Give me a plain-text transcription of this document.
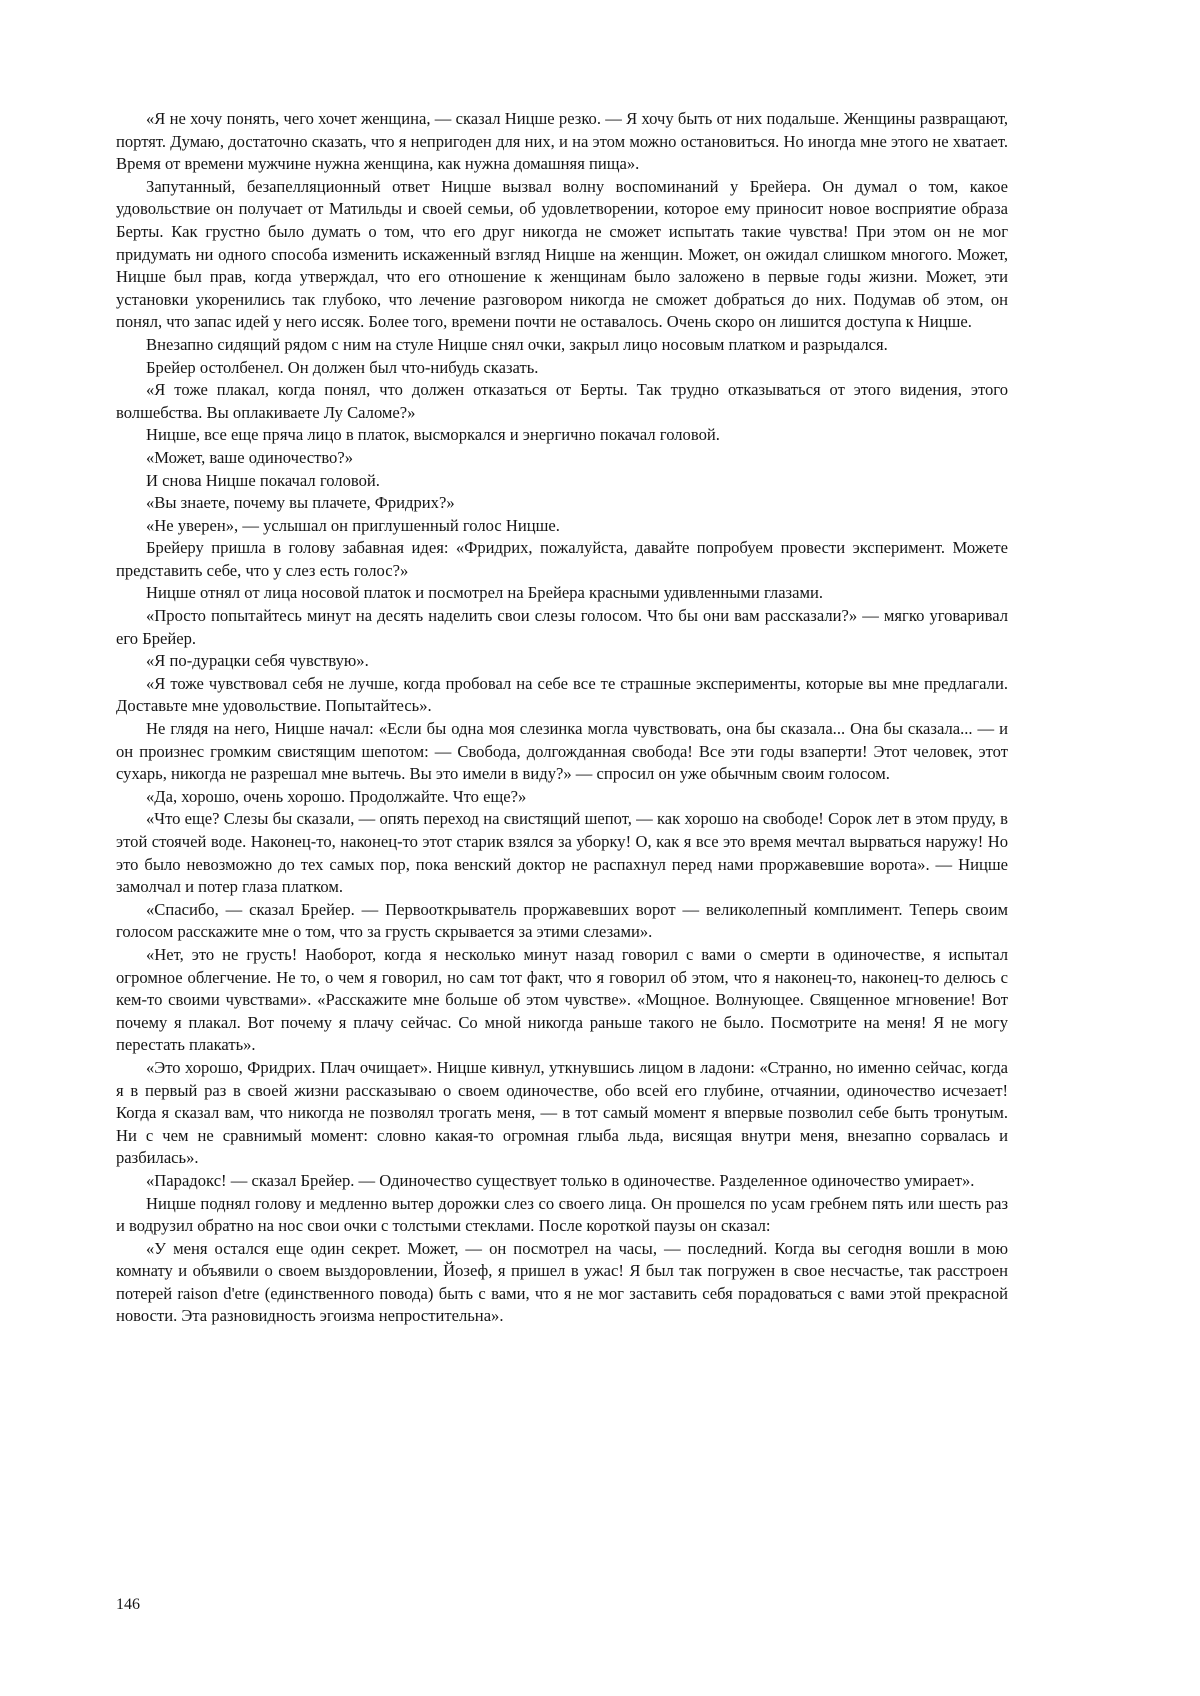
«Я не хочу понять, чего хочет женщина, — сказал Ницше резко. — Я хочу быть от них подальше. Женщины развращают, портят. Думаю, достаточно сказать, что я непригоден для них, и на этом можно остановиться. Но иногда мне этого не хватает. Время от времени мужчине нужна женщина, как нужна домашняя пища».

Запутанный, безапелляционный ответ Ницше вызвал волну воспоминаний у Брейера. Он думал о том, какое удовольствие он получает от Матильды и своей семьи, об удовлетворении, которое ему приносит новое восприятие образа Берты. Как грустно было думать о том, что его друг никогда не сможет испытать такие чувства! При этом он не мог придумать ни одного способа изменить искаженный взгляд Ницше на женщин. Может, он ожидал слишком многого. Может, Ницше был прав, когда утверждал, что его отношение к женщинам было заложено в первые годы жизни. Может, эти установки укоренились так глубоко, что лечение разговором никогда не сможет добраться до них. Подумав об этом, он понял, что запас идей у него иссяк. Более того, времени почти не оставалось. Очень скоро он лишится доступа к Ницше.

Внезапно сидящий рядом с ним на стуле Ницше снял очки, закрыл лицо носовым платком и разрыдался.

Брейер остолбенел. Он должен был что-нибудь сказать.

«Я тоже плакал, когда понял, что должен отказаться от Берты. Так трудно отказываться от этого видения, этого волшебства. Вы оплакиваете Лу Саломе?»

Ницше, все еще пряча лицо в платок, высморкался и энергично покачал головой.

«Может, ваше одиночество?»

И снова Ницше покачал головой.

«Вы знаете, почему вы плачете, Фридрих?»

«Не уверен», — услышал он приглушенный голос Ницше.

Брейеру пришла в голову забавная идея: «Фридрих, пожалуйста, давайте попробуем провести эксперимент. Можете представить себе, что у слез есть голос?»

Ницше отнял от лица носовой платок и посмотрел на Брейера красными удивленными глазами.

«Просто попытайтесь минут на десять наделить свои слезы голосом. Что бы они вам рассказали?» — мягко уговаривал его Брейер.

«Я по-дурацки себя чувствую».

«Я тоже чувствовал себя не лучше, когда пробовал на себе все те страшные эксперименты, которые вы мне предлагали. Доставьте мне удовольствие. Попытайтесь».

Не глядя на него, Ницше начал: «Если бы одна моя слезинка могла чувствовать, она бы сказала... Она бы сказала... — и он произнес громким свистящим шепотом: — Свобода, долгожданная свобода! Все эти годы взаперти! Этот человек, этот сухарь, никогда не разрешал мне вытечь. Вы это имели в виду?» — спросил он уже обычным своим голосом.

«Да, хорошо, очень хорошо. Продолжайте. Что еще?»

«Что еще? Слезы бы сказали, — опять переход на свистящий шепот, — как хорошо на свободе! Сорок лет в этом пруду, в этой стоячей воде. Наконец-то, наконец-то этот старик взялся за уборку! О, как я все это время мечтал вырваться наружу! Но это было невозможно до тех самых пор, пока венский доктор не распахнул перед нами проржавевшие ворота». — Ницше замолчал и потер глаза платком.

«Спасибо, — сказал Брейер. — Первооткрыватель проржавевших ворот — великолепный комплимент. Теперь своим голосом расскажите мне о том, что за грусть скрывается за этими слезами».

«Нет, это не грусть! Наоборот, когда я несколько минут назад говорил с вами о смерти в одиночестве, я испытал огромное облегчение. Не то, о чем я говорил, но сам тот факт, что я говорил об этом, что я наконец-то, наконец-то делюсь с кем-то своими чувствами». «Расскажите мне больше об этом чувстве». «Мощное. Волнующее. Священное мгновение! Вот почему я плакал. Вот почему я плачу сейчас. Со мной никогда раньше такого не было. Посмотрите на меня! Я не могу перестать плакать».

«Это хорошо, Фридрих. Плач очищает». Ницше кивнул, уткнувшись лицом в ладони: «Странно, но именно сейчас, когда я в первый раз в своей жизни рассказываю о своем одиночестве, обо всей его глубине, отчаянии, одиночество исчезает! Когда я сказал вам, что никогда не позволял трогать меня, — в тот самый момент я впервые позволил себе быть тронутым. Ни с чем не сравнимый момент: словно какая-то огромная глыба льда, висящая внутри меня, внезапно сорвалась и разбилась».

«Парадокс! — сказал Брейер. — Одиночество существует только в одиночестве. Разделенное одиночество умирает».

Ницше поднял голову и медленно вытер дорожки слез со своего лица. Он прошелся по усам гребнем пять или шесть раз и водрузил обратно на нос свои очки с толстыми стеклами. После короткой паузы он сказал:

«У меня остался еще один секрет. Может, — он посмотрел на часы, — последний. Когда вы сегодня вошли в мою комнату и объявили о своем выздоровлении, Йозеф, я пришел в ужас! Я был так погружен в свое несчастье, так расстроен потерей raison d'etre (единственного повода) быть с вами, что я не мог заставить себя порадоваться с вами этой прекрасной новости. Эта разновидность эгоизма непростительна».

146
